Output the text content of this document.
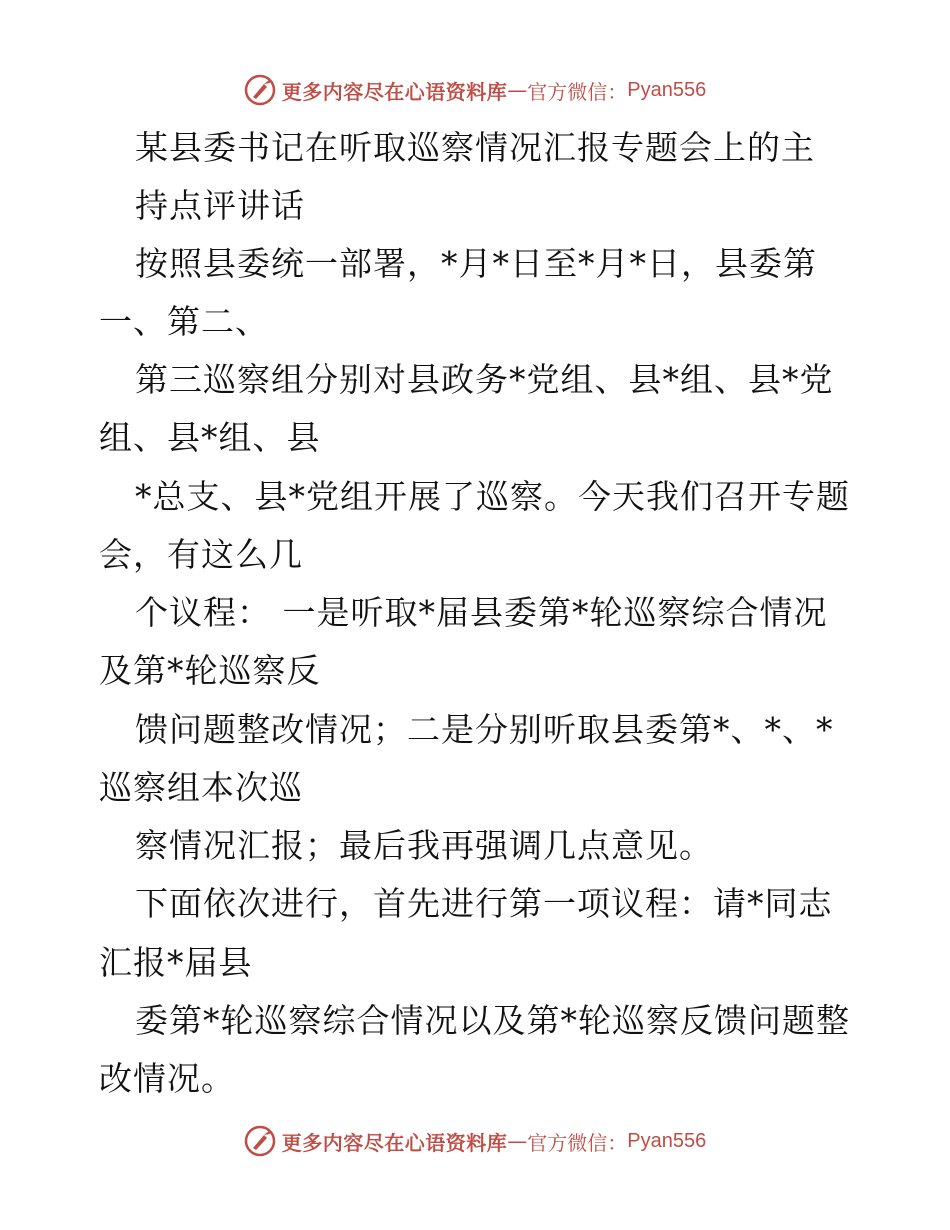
更多内容尽在心语资料库 — 官方微信： Pyan556
某县委书记在听取巡察情况汇报专题会上的主
持点评讲话
按照县委统一部署，*月*日至*月*日，县委第
一、第二、
第三巡察组分别对县政务*党组、县*组、县*党
组、县*组、县
*总支、县*党组开展了巡察。今天我们召开专题
会，有这么几
个议程： 一是听取*届县委第*轮巡察综合情况
及第*轮巡察反
馈问题整改情况；二是分别听取县委第*、*、*
巡察组本次巡
察情况汇报；最后我再强调几点意见。
下面依次进行，首先进行第一项议程：请*同志
汇报*届县
委第*轮巡察综合情况以及第*轮巡察反馈问题整
改情况。
更多内容尽在心语资料库 — 官方微信： Pyan556
